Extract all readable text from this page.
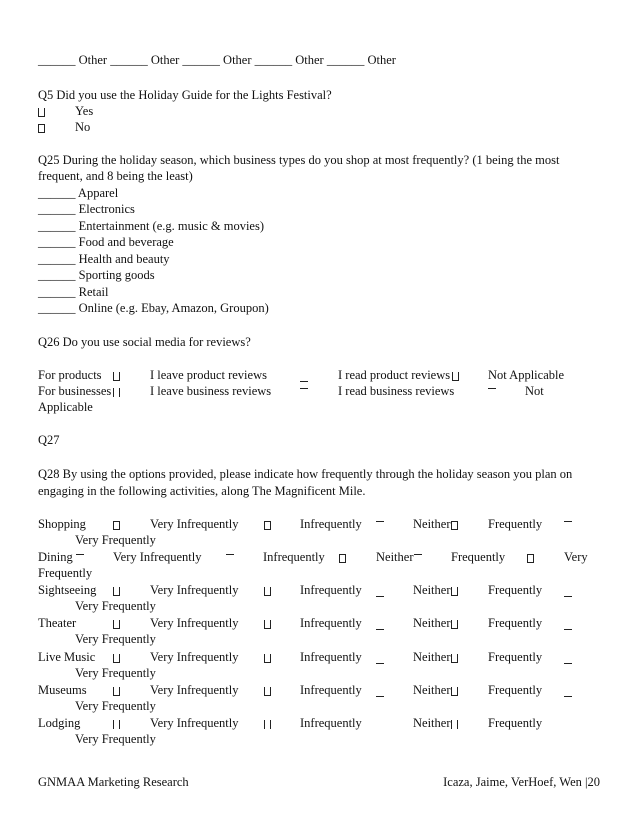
______ Other ______ Other ______ Other ______ Other ______ Other
Q5 Did you use the Holiday Guide for the Lights Festival?
Yes
No
Q25 During the holiday season, which business types do you shop at most frequently? (1 being the most
frequent, and 8 being the least)
______ Apparel
______ Electronics
______ Entertainment (e.g. music & movies)
______ Food and beverage
______ Health and beauty
______ Sporting goods
______ Retail
______ Online (e.g. Ebay, Amazon, Groupon)
Q26 Do you use social media for reviews?
For products	I leave product reviews	I read product reviews	Not Applicable
For businesses	I leave business reviews	I read business reviews	Not
Applicable
Q27
Q28 By using the options provided, please indicate how frequently through the holiday season you plan on
engaging in the following activities, along The Magnificent Mile.
Shopping	Very Infrequently	Infrequently	Neither	Frequently
Very Frequently
Dining	Very Infrequently	Infrequently	Neither	Frequently	Very
Frequently
Sightseeing	Very Infrequently	Infrequently	Neither	Frequently
Very Frequently
Theater	Very Infrequently	Infrequently	Neither	Frequently
Very Frequently
Live Music	Very Infrequently	Infrequently	Neither	Frequently
Very Frequently
Museums	Very Infrequently	Infrequently	Neither	Frequently
Very Frequently
Lodging	Very Infrequently	Infrequently	Neither	Frequently
Very Frequently
GNMAA Marketing Research	Icaza, Jaime, VerHoef, Wen |20
